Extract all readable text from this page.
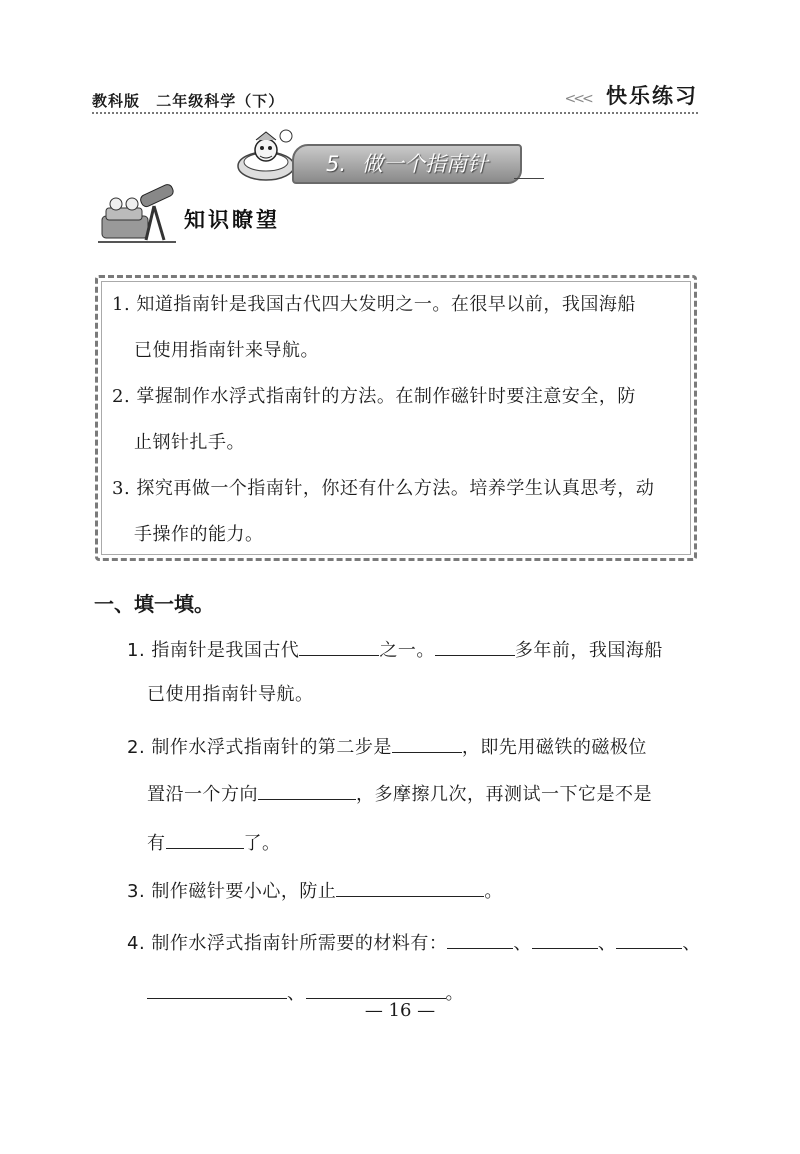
教科版 二年级科学（下）	<<< 快乐练习
5. 做一个指南针
知识瞭望
1. 知道指南针是我国古代四大发明之一。在很早以前，我国海船
已使用指南针来导航。
2. 掌握制作水浮式指南针的方法。在制作磁针时要注意安全，防
止钢针扎手。
3. 探究再做一个指南针，你还有什么方法。培养学生认真思考，动
手操作的能力。
一、填一填。
1. 指南针是我国古代	之一。	多年前，我国海船
已使用指南针导航。
2. 制作水浮式指南针的第二步是	，即先用磁铁的磁极位
置沿一个方向	，多摩擦几次，再测试一下它是不是
有	了。
3. 制作磁针要小心，防止	。
4. 制作水浮式指南针所需要的材料有：	、	、	、
、	。
— 16 —
